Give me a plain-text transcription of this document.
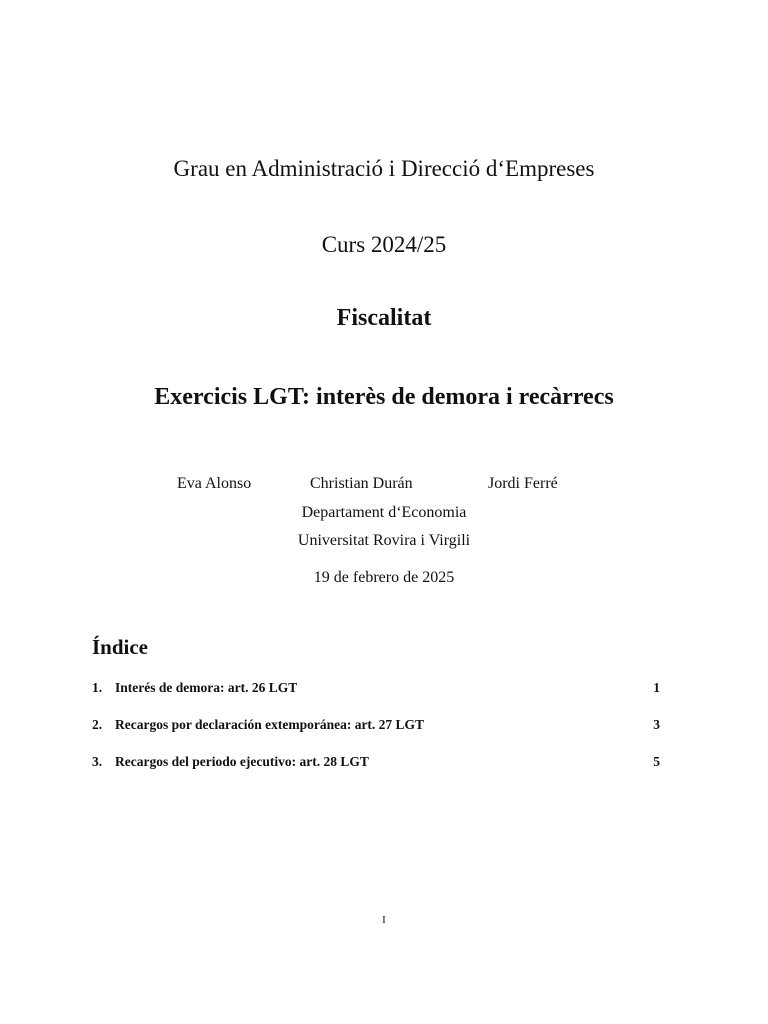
Grau en Administració i Direcció d‘Empreses
Curs 2024/25
Fiscalitat
Exercicis LGT: interès de demora i recàrrecs
Eva Alonso	Christian Durán	Jordi Ferré
Departament d‘Economia
Universitat Rovira i Virgili
19 de febrero de 2025
Índice
1. Interés de demora: art. 26 LGT	1
2. Recargos por declaración extemporánea: art. 27 LGT	3
3. Recargos del periodo ejecutivo: art. 28 LGT	5
I
